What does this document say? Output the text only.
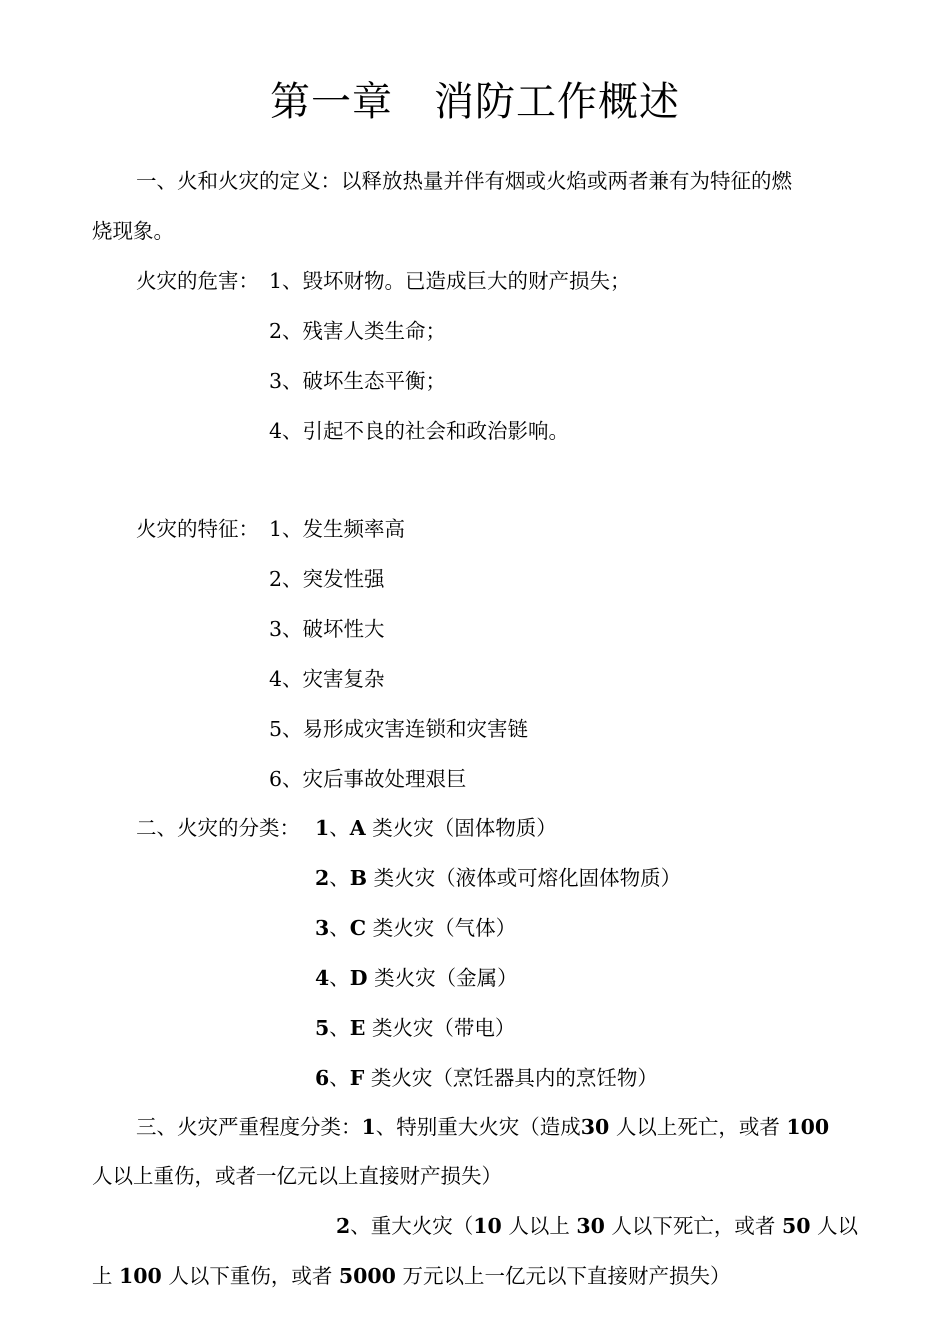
第一章　消防工作概述
一、火和火灾的定义：以释放热量并伴有烟或火焰或两者兼有为特征的燃
烧现象。
火灾的危害： 1、毁坏财物。已造成巨大的财产损失；
2、残害人类生命；
3、破坏生态平衡；
4、引起不良的社会和政治影响。
火灾的特征： 1、发生频率高
2、突发性强
3、破坏性大
4、灾害复杂
5、易形成灾害连锁和灾害链
6、灾后事故处理艰巨
二、火灾的分类： 1、A 类火灾（固体物质）
2、B 类火灾（液体或可熔化固体物质）
3、C 类火灾（气体）
4、D 类火灾（金属）
5、E 类火灾（带电）
6、F 类火灾（烹饪器具内的烹饪物）
三、火灾严重程度分类：1、特别重大火灾（造成30 人以上死亡，或者 100
人以上重伤，或者一亿元以上直接财产损失）
2、重大火灾（10 人以上 30 人以下死亡，或者 50 人以
上 100 人以下重伤，或者 5000 万元以上一亿元以下直接财产损失）
